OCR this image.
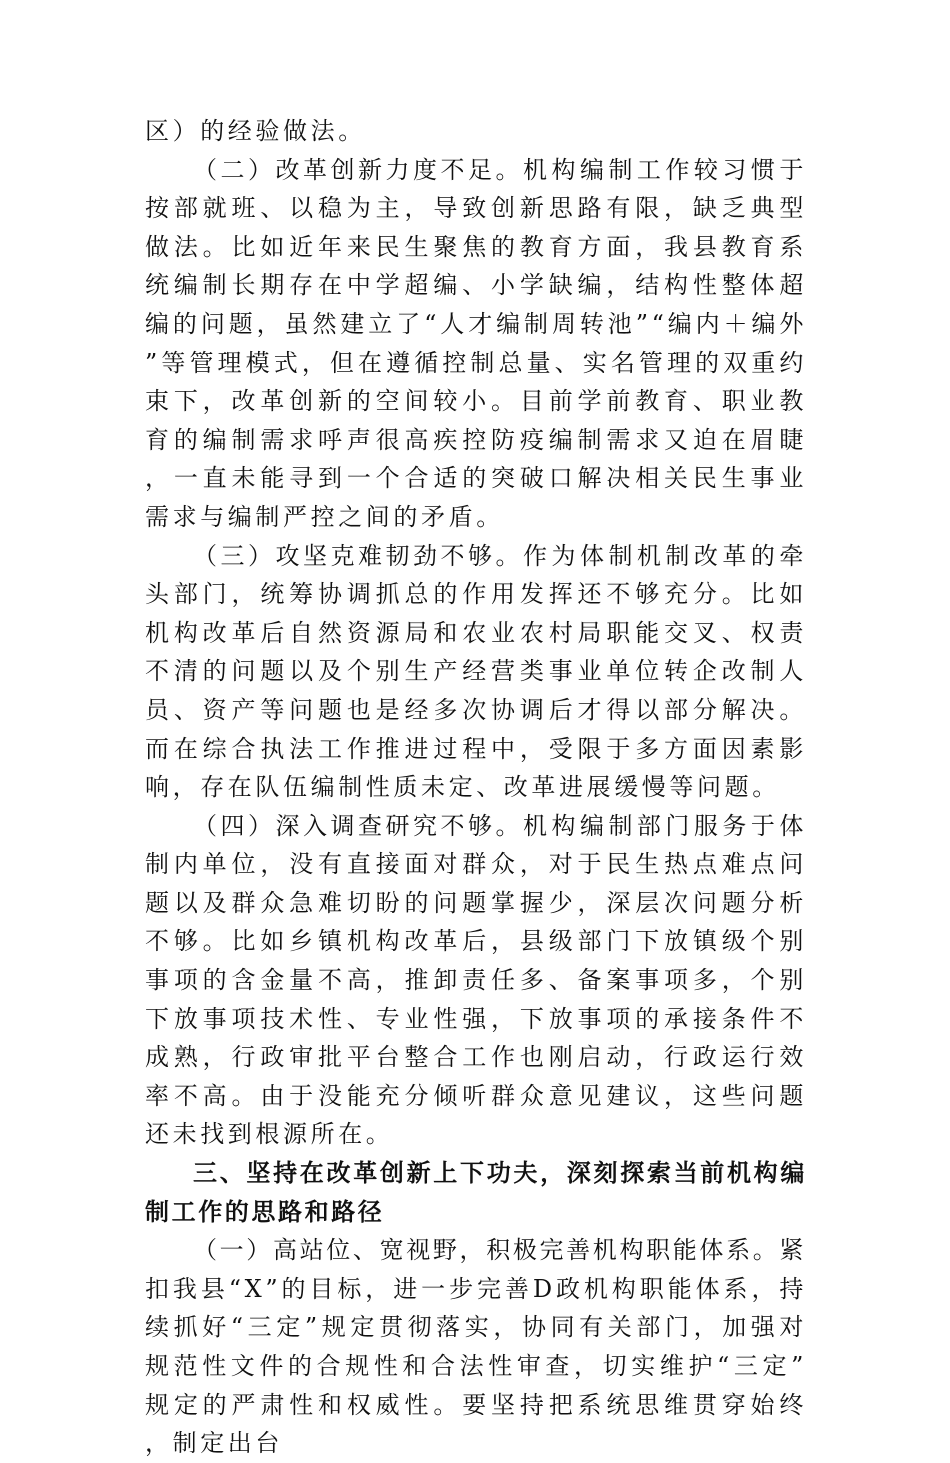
区）的经验做法。

（二）改革创新力度不足。机构编制工作较习惯于按部就班、以稳为主，导致创新思路有限，缺乏典型做法。比如近年来民生聚焦的教育方面，我县教育系统编制长期存在中学超编、小学缺编，结构性整体超编的问题，虽然建立了“人才编制周转池”“编内＋编外”等管理模式，但在遵循控制总量、实名管理的双重约束下，改革创新的空间较小。目前学前教育、职业教育的编制需求呼声很高疾控防疫编制需求又迫在眉睫，一直未能寻到一个合适的突破口解决相关民生事业需求与编制严控之间的矛盾。

（三）攻坚克难韧劲不够。作为体制机制改革的牵头部门，统筹协调抓总的作用发挥还不够充分。比如机构改革后自然资源局和农业农村局职能交叉、权责不清的问题以及个别生产经营类事业单位转企改制人员、资产等问题也是经多次协调后才得以部分解决。而在综合执法工作推进过程中，受限于多方面因素影响，存在队伍编制性质未定、改革进展缓慢等问题。

（四）深入调查研究不够。机构编制部门服务于体制内单位，没有直接面对群众，对于民生热点难点问题以及群众急难切盼的问题掌握少，深层次问题分析不够。比如乡镇机构改革后，县级部门下放镇级个别事项的含金量不高，推卸责任多、备案事项多，个别下放事项技术性、专业性强，下放事项的承接条件不成熟，行政审批平台整合工作也刚启动，行政运行效率不高。由于没能充分倾听群众意见建议，这些问题还未找到根源所在。

三、坚持在改革创新上下功夫，深刻探索当前机构编制工作的思路和路径

（一）高站位、宽视野，积极完善机构职能体系。紧扣我县“X”的目标，进一步完善D政机构职能体系，持续抓好“三定”规定贯彻落实，协同有关部门，加强对规范性文件的合规性和合法性审查，切实维护“三定”规定的严肃性和权威性。要坚持把系统思维贯穿始终，制定出台
